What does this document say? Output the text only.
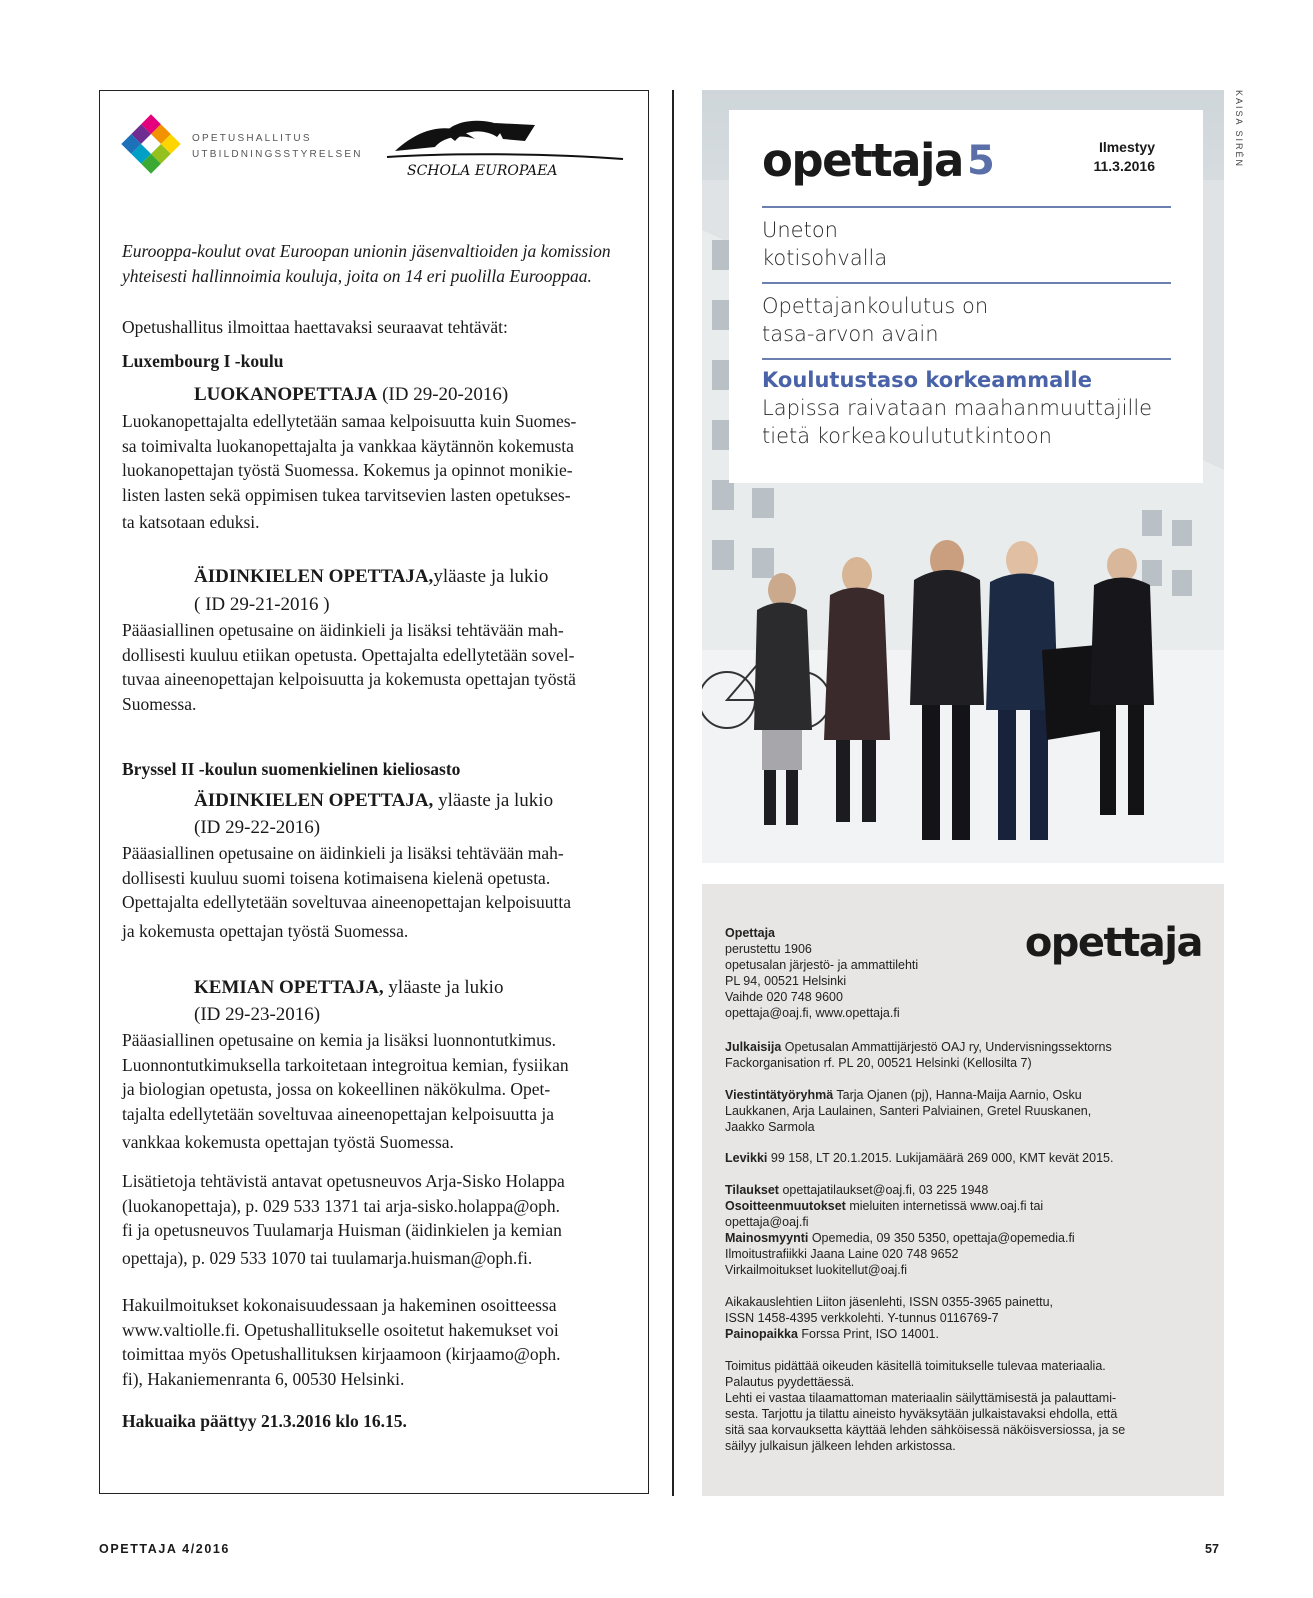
OPETUSHALLITUS
UTBILDNINGSSTYRELSEN
SCHOLA EUROPAEA

Eurooppa-koulut ovat Euroopan unionin jäsenvaltioiden ja komission

yhteisesti hallinnoimia kouluja, joita on 14 eri puolilla Eurooppaa.

Opetushallitus ilmoittaa haettavaksi seuraavat tehtävät:
Luxembourg I -koulu
LUOKANOPETTAJA (ID 29-20-2016)

Luokanopettajalta edellytetään samaa kelpoisuutta kuin Suomes-

sa toimivalta luokanopettajalta ja vankkaa käytännön kokemusta

luokanopettajan työstä Suomessa. Kokemus ja opinnot monikie-

listen lasten sekä oppimisen tukea tarvitsevien lasten opetukses-

ta katsotaan eduksi.

ÄIDINKIELEN OPETTAJA,yläaste ja lukio
( ID 29-21-2016 )

Pääasiallinen opetusaine on äidinkieli ja lisäksi tehtävään mah-

dollisesti kuuluu etiikan opetusta. Opettajalta edellytetään sovel-

tuvaa aineenopettajan kelpoisuutta ja kokemusta opettajan työstä

Suomessa.

Bryssel II -koulun suomenkielinen kieliosasto
ÄIDINKIELEN OPETTAJA, yläaste ja lukio
(ID 29-22-2016)

Pääasiallinen opetusaine on äidinkieli ja lisäksi tehtävään mah-

dollisesti kuuluu suomi toisena kotimaisena kielenä opetusta.

Opettajalta edellytetään soveltuvaa aineenopettajan kelpoisuutta

ja kokemusta opettajan työstä Suomessa.

KEMIAN OPETTAJA, yläaste ja lukio
(ID 29-23-2016)

Pääasiallinen opetusaine on kemia ja lisäksi luonnontutkimus.

Luonnontutkimuksella tarkoitetaan integroitua kemian, fysiikan

ja biologian opetusta, jossa on kokeellinen näkökulma. Opet-

tajalta edellytetään soveltuvaa aineenopettajan kelpoisuutta ja

vankkaa kokemusta opettajan työstä Suomessa.

Lisätietoja tehtävistä antavat opetusneuvos Arja-Sisko Holappa

(luokanopettaja), p. 029 533 1371 tai arja-sisko.holappa@oph.

fi ja opetusneuvos Tuulamarja Huisman (äidinkielen ja kemian

opettaja), p. 029 533 1070 tai tuulamarja.huisman@oph.fi.

Hakuilmoitukset kokonaisuudessaan ja hakeminen osoitteessa

www.valtiolle.fi. Opetushallitukselle osoitetut hakemukset voi

toimittaa myös Opetushallituksen kirjaamoon (kirjaamo@oph.

fi), Hakaniemenranta 6, 00530 Helsinki.

Hakuaika päättyy 21.3.2016 klo 16.15.
KAISA SIRÉN
opettaja 5	Ilmestyy
11.3.2016
Uneton
kotisohvalla
Opettajankoulutus on
tasa-arvon avain
Koulutustaso korkeammalle
Lapissa raivataan maahanmuuttajille
tietä korkeakoulututkintoon
opettaja
Opettaja
perustettu 1906
opetusalan järjestö- ja ammattilehti
PL 94, 00521 Helsinki
Vaihde 020 748 9600
opettaja@oaj.fi, www.opettaja.fi
Julkaisija Opetusalan Ammattijärjestö OAJ ry, Undervisningssektorns
Fackorganisation rf. PL 20, 00521 Helsinki (Kellosilta 7)
Viestintätyöryhmä Tarja Ojanen (pj), Hanna-Maija Aarnio, Osku
Laukkanen, Arja Laulainen, Santeri Palviainen, Gretel Ruuskanen,
Jaakko Sarmola
Levikki 99 158, LT 20.1.2015. Lukijamäärä 269 000, KMT kevät 2015.
Tilaukset opettajatilaukset@oaj.fi, 03 225 1948
Osoitteenmuutokset mieluiten internetissä www.oaj.fi tai
opettaja@oaj.fi
Mainosmyynti Opemedia, 09 350 5350, opettaja@opemedia.fi
Ilmoitustrafiikki Jaana Laine 020 748 9652
Virkailmoitukset luokitellut@oaj.fi
Aikakauslehtien Liiton jäsenlehti, ISSN 0355-3965 painettu,
ISSN 1458-4395 verkkolehti. Y-tunnus 0116769-7
Painopaikka Forssa Print, ISO 14001.
Toimitus pidättää oikeuden käsitellä toimitukselle tulevaa materiaalia.
Palautus pyydettäessä.
Lehti ei vastaa tilaamattoman materiaalin säilyttämisestä ja palauttami-
sesta. Tarjottu ja tilattu aineisto hyväksytään julkaistavaksi ehdolla, että
sitä saa korvauksetta käyttää lehden sähköisessä näköisversiossa, ja se
säilyy julkaisun jälkeen lehden arkistossa.
OPETTAJA 4/2016	57
